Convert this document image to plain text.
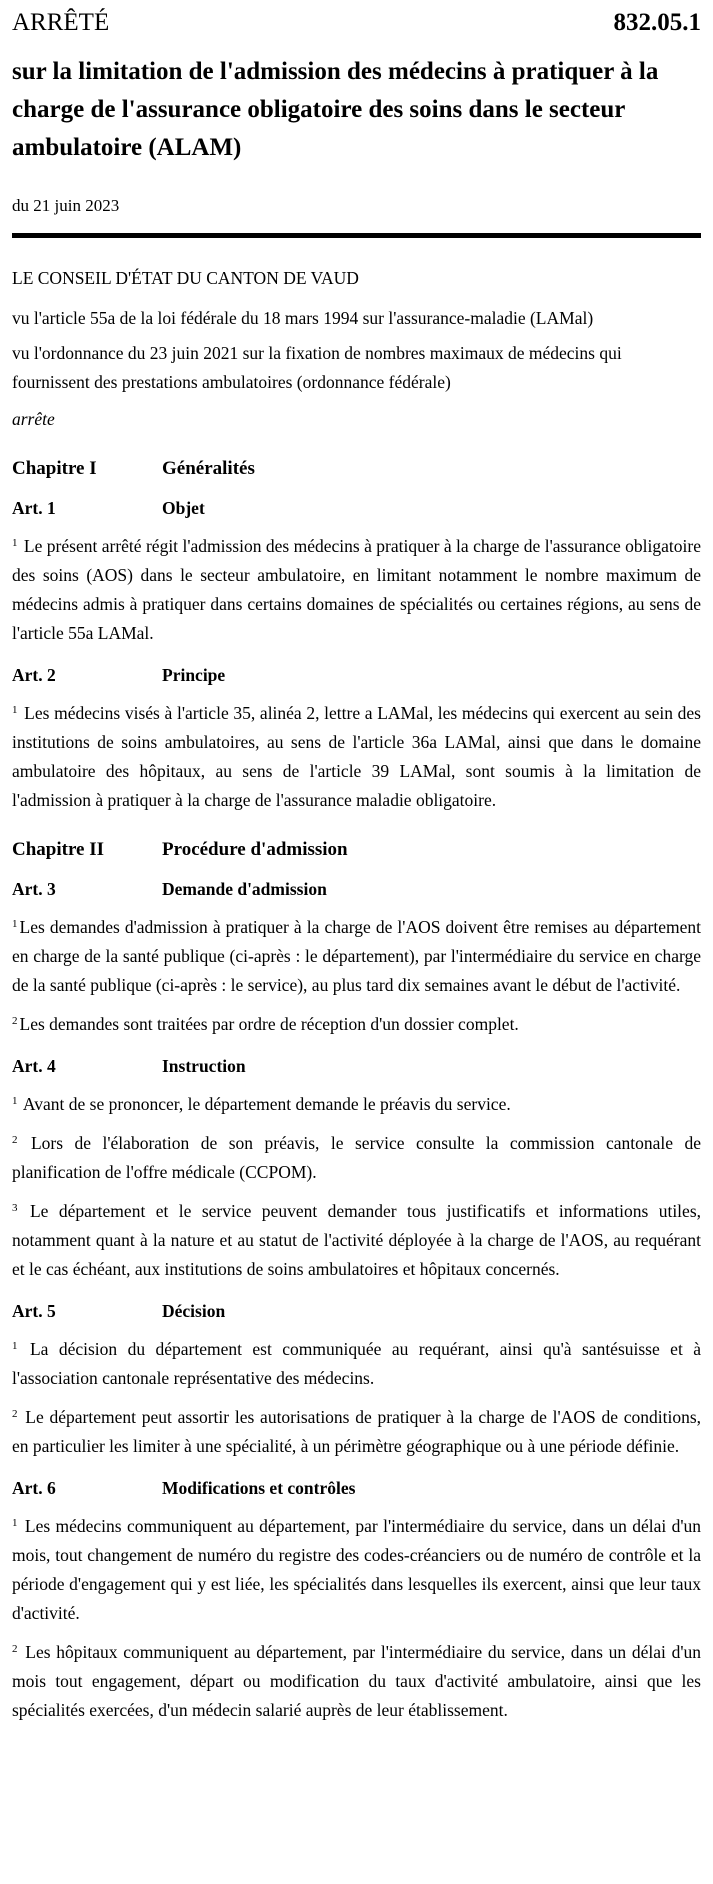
ARRÊTÉ	832.05.1
sur la limitation de l'admission des médecins à pratiquer à la charge de l'assurance obligatoire des soins dans le secteur ambulatoire (ALAM)
du 21 juin 2023

LE CONSEIL D'ÉTAT DU CANTON DE VAUD

vu l'article 55a de la loi fédérale du 18 mars 1994 sur l'assurance-maladie (LAMal)

vu l'ordonnance du 23 juin 2021 sur la fixation de nombres maximaux de médecins qui fournissent des prestations ambulatoires (ordonnance fédérale)

arrête

Chapitre I	Généralités
Art. 1	Objet

$^1$ Le présent arrêté régit l'admission des médecins à pratiquer à la charge de l'assurance obligatoire des soins (AOS) dans le secteur ambulatoire, en limitant notamment le nombre maximum de médecins admis à pratiquer dans certains domaines de spécialités ou certaines régions, au sens de l'article 55a LAMal.

Art. 2	Principe

$^1$ Les médecins visés à l'article 35, alinéa 2, lettre a LAMal, les médecins qui exercent au sein des institutions de soins ambulatoires, au sens de l'article 36a LAMal, ainsi que dans le domaine ambulatoire des hôpitaux, au sens de l'article 39 LAMal, sont soumis à la limitation de l'admission à pratiquer à la charge de l'assurance maladie obligatoire.

Chapitre II	Procédure d'admission
Art. 3	Demande d'admission

$^1$ Les demandes d'admission à pratiquer à la charge de l'AOS doivent être remises au département en charge de la santé publique (ci-après : le département), par l'intermédiaire du service en charge de la santé publique (ci-après : le service), au plus tard dix semaines avant le début de l'activité.

$^2$ Les demandes sont traitées par ordre de réception d'un dossier complet.

Art. 4	Instruction

$^1$ Avant de se prononcer, le département demande le préavis du service.

$^2$ Lors de l'élaboration de son préavis, le service consulte la commission cantonale de planification de l'offre médicale (CCPOM).

$^3$ Le département et le service peuvent demander tous justificatifs et informations utiles, notamment quant à la nature et au statut de l'activité déployée à la charge de l'AOS, au requérant et le cas échéant, aux institutions de soins ambulatoires et hôpitaux concernés.

Art. 5	Décision

$^1$ La décision du département est communiquée au requérant, ainsi qu'à santésuisse et à l'association cantonale représentative des médecins.

$^2$ Le département peut assortir les autorisations de pratiquer à la charge de l'AOS de conditions, en particulier les limiter à une spécialité, à un périmètre géographique ou à une période définie.

Art. 6	Modifications et contrôles

$^1$ Les médecins communiquent au département, par l'intermédiaire du service, dans un délai d'un mois, tout changement de numéro du registre des codes-créanciers ou de numéro de contrôle et la période d'engagement qui y est liée, les spécialités dans lesquelles ils exercent, ainsi que leur taux d'activité.

$^2$ Les hôpitaux communiquent au département, par l'intermédiaire du service, dans un délai d'un mois tout engagement, départ ou modification du taux d'activité ambulatoire, ainsi que les spécialités exercées, d'un médecin salarié auprès de leur établissement.
